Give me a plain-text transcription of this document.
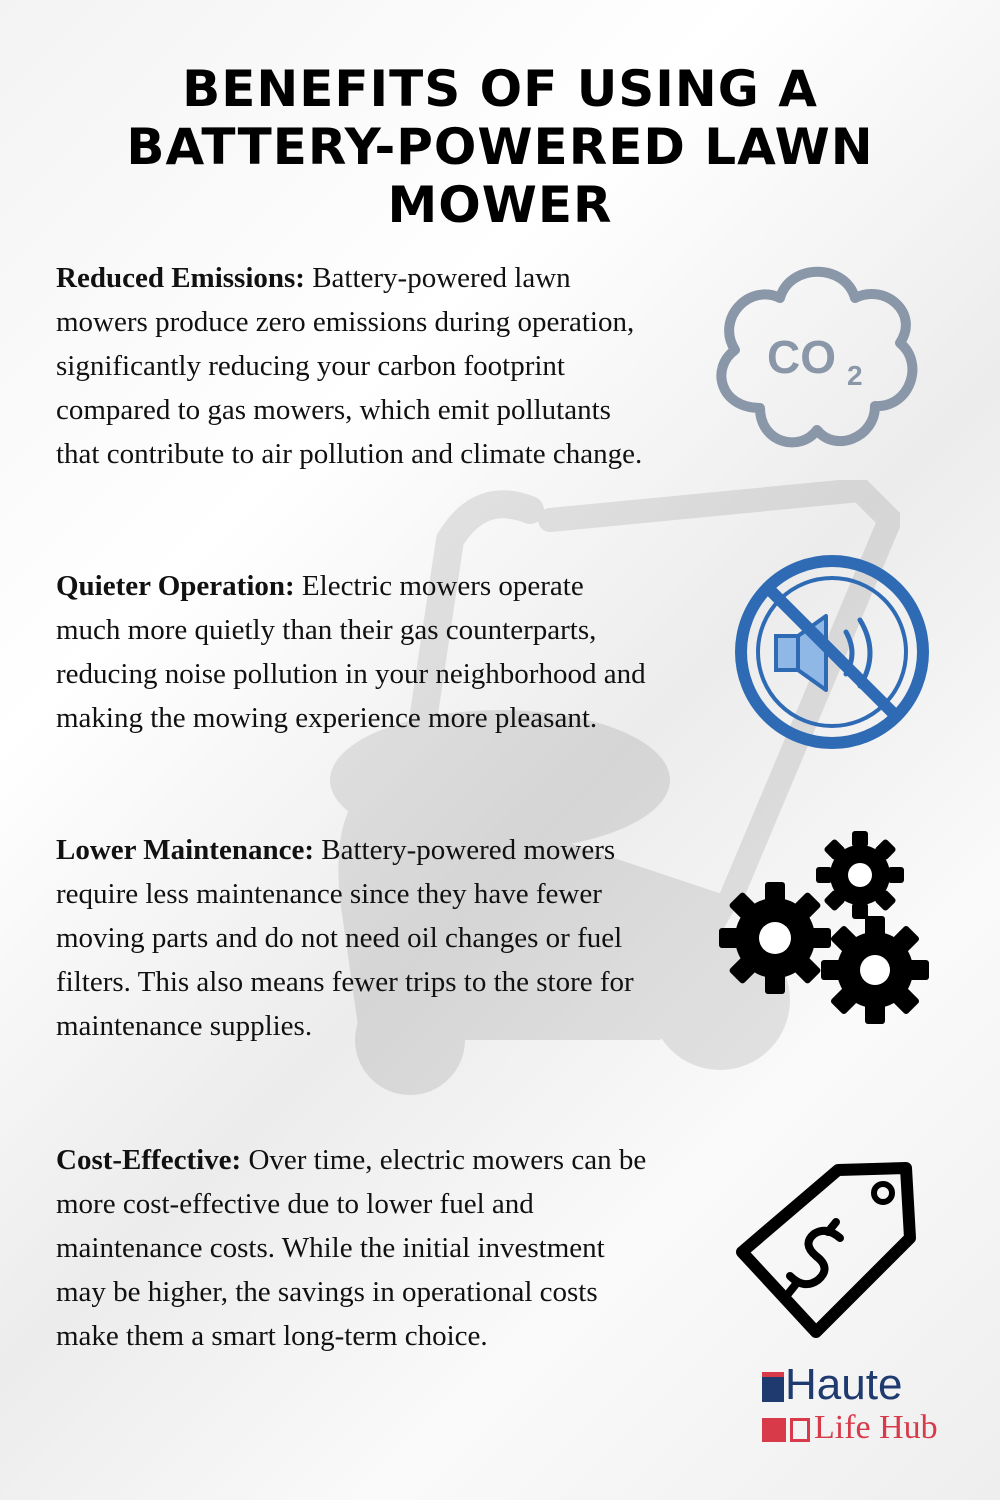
BENEFITS OF USING A BATTERY-POWERED LAWN MOWER

Reduced Emissions: Battery-powered lawn mowers produce zero emissions during operation, significantly reducing your carbon footprint compared to gas mowers, which emit pollutants that contribute to air pollution and climate change.

Quieter Operation: Electric mowers operate much more quietly than their gas counterparts, reducing noise pollution in your neighborhood and making the mowing experience more pleasant.

Lower Maintenance: Battery-powered mowers require less maintenance since they have fewer moving parts and do not need oil changes or fuel filters. This also means fewer trips to the store for maintenance supplies.

Cost-Effective: Over time, electric mowers can be more cost-effective due to lower fuel and maintenance costs. While the initial investment may be higher, the savings in operational costs make them a smart long-term choice.

CO 2
Haute
Life Hub
